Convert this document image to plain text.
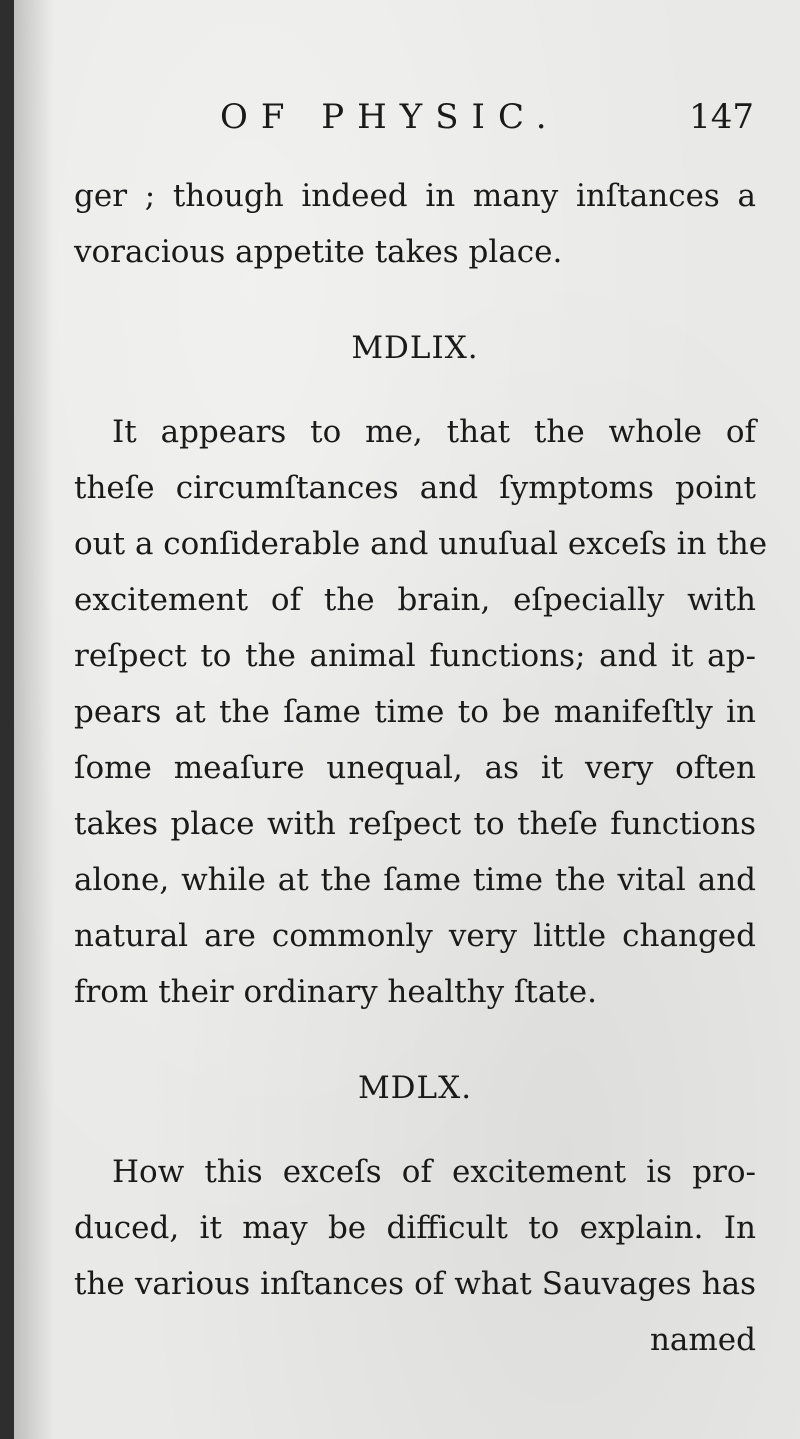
OF PHYSIC.	147
ger ; though indeed in many inſtances a
voracious appetite takes place.
MDLIX.
It appears to me, that the whole of
theſe circumſtances and ſymptoms point
out a conſiderable and unuſual exceſs in the
excitement of the brain, eſpecially with
reſpect to the animal functions; and it ap-
pears at the ſame time to be manifeſtly in
ſome meaſure unequal, as it very often
takes place with reſpect to theſe functions
alone, while at the ſame time the vital and
natural are commonly very little changed
from their ordinary healthy ſtate.
MDLX.
How this exceſs of excitement is pro-
duced, it may be difficult to explain. In
the various inſtances of what Sauvages has
named
